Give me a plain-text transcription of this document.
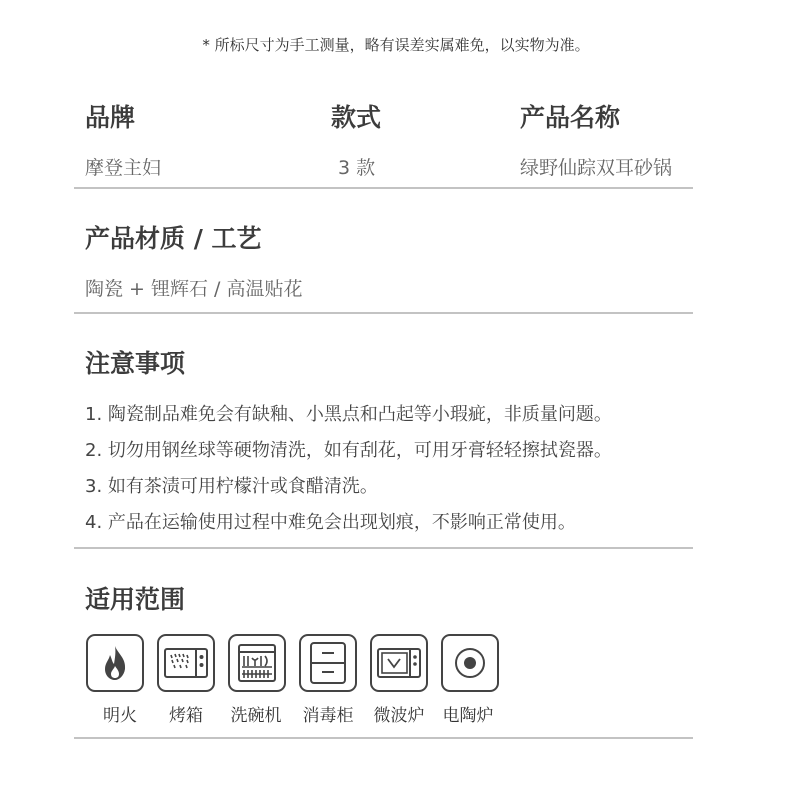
* 所标尺寸为手工测量，略有误差实属难免，以实物为准。
品牌
摩登主妇
款式
3 款
产品名称
绿野仙踪双耳砂锅
产品材质 / 工艺
陶瓷 + 锂辉石 / 高温贴花
注意事项
1. 陶瓷制品难免会有缺釉、小黑点和凸起等小瑕疵，非质量问题。
2. 切勿用钢丝球等硬物清洗，如有刮花，可用牙膏轻轻擦拭瓷器。
3. 如有茶渍可用柠檬汁或食醋清洗。
4. 产品在运输使用过程中难免会出现划痕，不影响正常使用。
适用范围
明火	烤箱	洗碗机	消毒柜	微波炉	电陶炉
